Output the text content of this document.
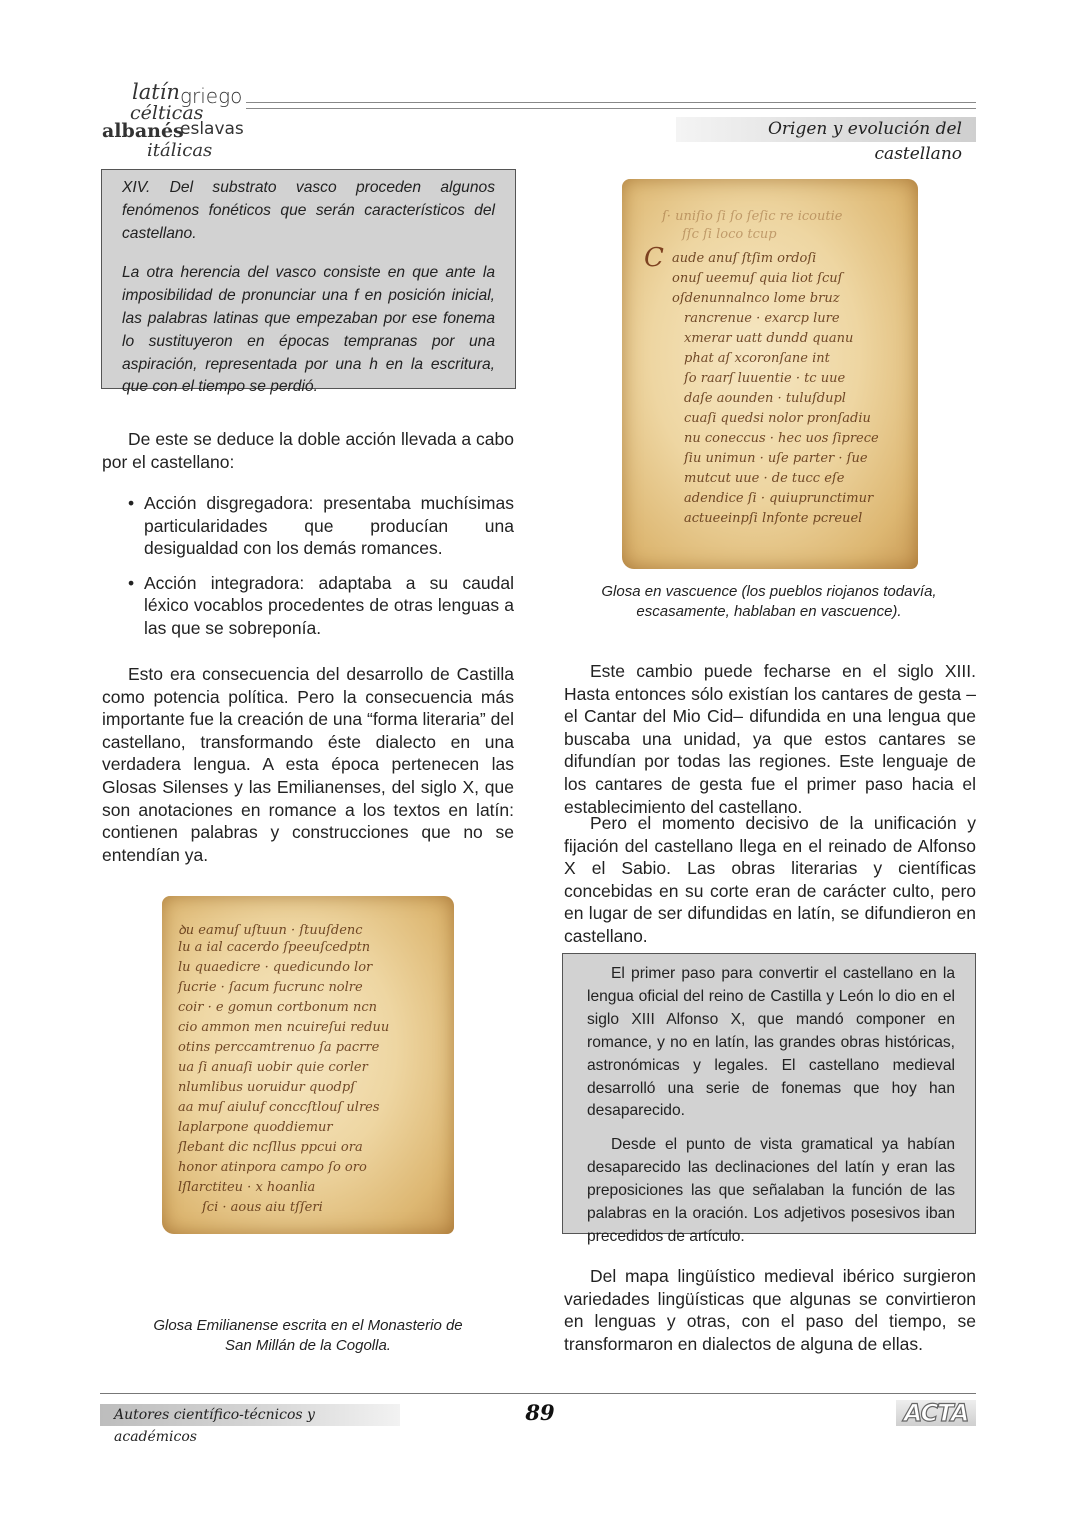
latín griego
célticas
albanés
eslavas
itálicas
Origen y evolución del castellano

XIV. Del substrato vasco proceden algunos fenómenos fonéticos que serán característicos del castellano.

La otra herencia del vasco consiste en que ante la imposibilidad de pronunciar una f en posición inicial, las palabras latinas que empezaban por ese fonema lo sustituyeron en épocas tempranas por una aspiración, representada por una h en la escritura, que con el tiempo se perdió.

De este se deduce la doble acción llevada a cabo por el castellano:

• Acción disgregadora: presentaba muchísimas particularidades que producían una desigualdad con los demás romances.
• Acción integradora: adaptaba a su caudal léxico vocablos procedentes de otras lenguas a las que se sobreponía.

Esto era consecuencia del desarrollo de Castilla como potencia política. Pero la consecuencia más importante fue la creación de una “forma literaria” del castellano, transformando éste dialecto en una verdadera lengua. A esta época pertenecen las Glosas Silenses y las Emilianenses, del siglo X, que son anotaciones en romance a los textos en latín: contienen palabras y construcciones que no se entendían ya.

ꝺu eamuſ uſtuun · ſtuuſdenc
lu a ial cacerdo ſpeeuſcedptn
lu quaedicre · quedicundo lor
ſucrie · ſacum fucrunc nolre
coir · e gomun cortbonum ncn
cio ammon men ncuireſui reduu
otins perccamtrenuo ſa pacrre
ua ſi anuaſi uobir quie corler
nlumlibus uoruidur quodpſ
aa muſ aiuluf conccſtlouſ ulres
laplarpone quoddiemur
ſlebant dic ncſllus ppcui ora
honor atinpora campo ſo oro
lſlarctiteu · x hoanlia
ſci · aous aiu tſſeri
Glosa Emilianense escrita en el Monasterio de San Millán de la Cogolla.
ſ· uniſio ſi ſo ſeſic re icoutie
ſſc ſi loco tcup
C aude anuſ ſtſim ordoſi
onuſ ueemuſ quia liot ſcuſ
oſdenunnalnco lome bruz
rancrenue · exarcp lure
xmerar uatt dundd quanu
phat aſ xcoronſane int
ſo raarſ luuentie · tc uue
daſe aounden · tuluſdupl
cuaſi quedsi nolor pronſadiu
nu coneccus · hec uos ſiprece
ſiu unimun · uſe parter · ſue
mutcut uue · de tucc eſe
adendice ſi · quiuprunctimur
actueeinpſi lnfonte pcreuel
Glosa en vascuence (los pueblos riojanos todavía, escasamente, hablaban en vascuence).

Este cambio puede fecharse en el siglo XIII. Hasta entonces sólo existían los cantares de gesta –el Cantar del Mio Cid– difundida en una lengua que buscaba una unidad, ya que estos cantares se difundían por todas las regiones. Este lenguaje de los cantares de gesta fue el primer paso hacia el establecimiento del castellano.

Pero el momento decisivo de la unificación y fijación del castellano llega en el reinado de Alfonso X el Sabio. Las obras literarias y científicas concebidas en su corte eran de carácter culto, pero en lugar de ser difundidas en latín, se difundieron en castellano.

El primer paso para convertir el castellano en la lengua oficial del reino de Castilla y León lo dio en el siglo XIII Alfonso X, que mandó componer en romance, y no en latín, las grandes obras históricas, astronómicas y legales. El castellano medieval desarrolló una serie de fonemas que hoy han desaparecido.

Desde el punto de vista gramatical ya habían desaparecido las declinaciones del latín y eran las preposiciones las que señalaban la función de las palabras en la oración. Los adjetivos posesivos iban precedidos de artículo.

Del mapa lingüístico medieval ibérico surgieron variedades lingüísticas que algunas se convirtieron en lenguas y otras, con el paso del tiempo, se transformaron en dialectos de alguna de ellas.

Autores científico-técnicos y académicos
89	ACTA
